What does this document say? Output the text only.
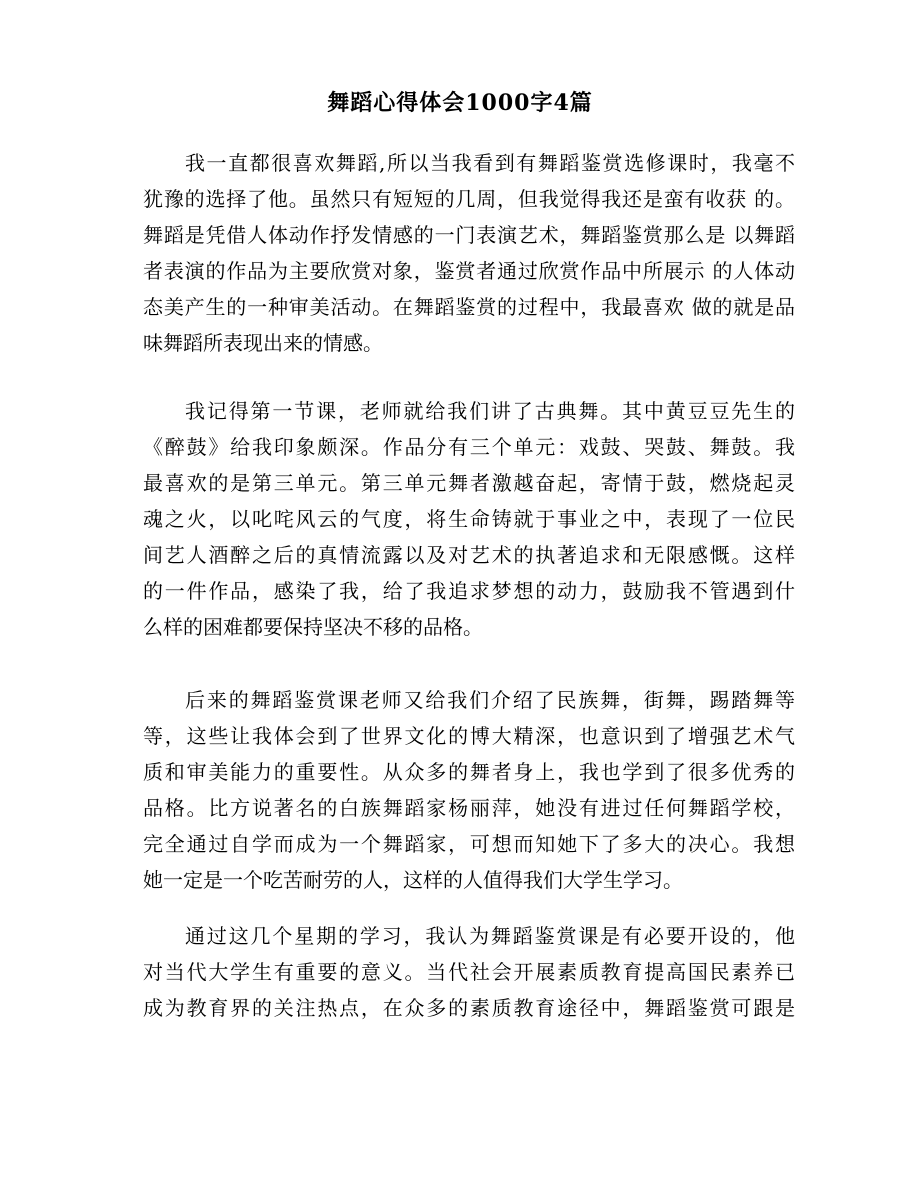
舞蹈心得体会1000字4篇
我一直都很喜欢舞蹈,所以当我看到有舞蹈鉴赏选修课时，我毫不
犹豫的选择了他。虽然只有短短的几周，但我觉得我还是蛮有收获 的。
舞蹈是凭借人体动作抒发情感的一门表演艺术，舞蹈鉴赏那么是 以舞蹈
者表演的作品为主要欣赏对象，鉴赏者通过欣赏作品中所展示 的人体动
态美产生的一种审美活动。在舞蹈鉴赏的过程中，我最喜欢 做的就是品
味舞蹈所表现出来的情感。
我记得第一节课，老师就给我们讲了古典舞。其中黄豆豆先生的
《醉鼓》给我印象颇深。作品分有三个单元：戏鼓、哭鼓、舞鼓。我
最喜欢的是第三单元。第三单元舞者激越奋起，寄情于鼓，燃烧起灵
魂之火，以叱咤风云的气度，将生命铸就于事业之中，表现了一位民
间艺人酒醉之后的真情流露以及对艺术的执著追求和无限感慨。这样
的一件作品，感染了我，给了我追求梦想的动力，鼓励我不管遇到什
么样的困难都要保持坚决不移的品格。
后来的舞蹈鉴赏课老师又给我们介绍了民族舞，街舞，踢踏舞等
等，这些让我体会到了世界文化的博大精深，也意识到了增强艺术气
质和审美能力的重要性。从众多的舞者身上，我也学到了很多优秀的
品格。比方说著名的白族舞蹈家杨丽萍，她没有进过任何舞蹈学校，
完全通过自学而成为一个舞蹈家，可想而知她下了多大的决心。我想
她一定是一个吃苦耐劳的人，这样的人值得我们大学生学习。
通过这几个星期的学习，我认为舞蹈鉴赏课是有必要开设的，他
对当代大学生有重要的意义。当代社会开展素质教育提高国民素养已
成为教育界的关注热点，在众多的素质教育途径中，舞蹈鉴赏可跟是
